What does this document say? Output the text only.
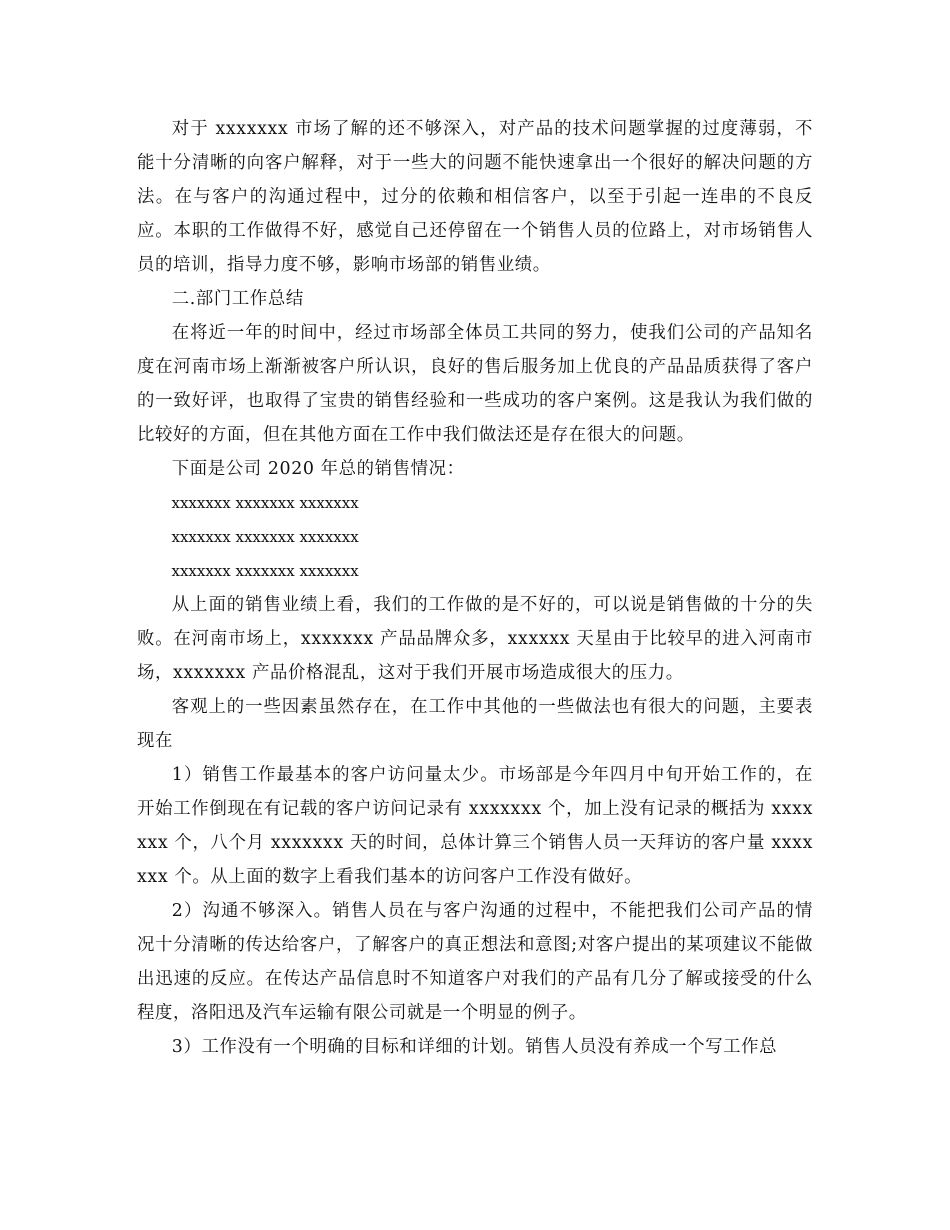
对于 xxxxxxx 市场了解的还不够深入，对产品的技术问题掌握的过度薄弱，不能十分清晰的向客户解释，对于一些大的问题不能快速拿出一个很好的解决问题的方法。在与客户的沟通过程中，过分的依赖和相信客户，以至于引起一连串的不良反应。本职的工作做得不好，感觉自己还停留在一个销售人员的位路上，对市场销售人员的培训，指导力度不够，影响市场部的销售业绩。

二.部门工作总结

在将近一年的时间中，经过市场部全体员工共同的努力，使我们公司的产品知名度在河南市场上渐渐被客户所认识，良好的售后服务加上优良的产品品质获得了客户的一致好评，也取得了宝贵的销售经验和一些成功的客户案例。这是我认为我们做的比较好的方面，但在其他方面在工作中我们做法还是存在很大的问题。

下面是公司 2020 年总的销售情况：

xxxxxxx xxxxxxx xxxxxxx

xxxxxxx xxxxxxx xxxxxxx

xxxxxxx xxxxxxx xxxxxxx

从上面的销售业绩上看，我们的工作做的是不好的，可以说是销售做的十分的失败。在河南市场上，xxxxxxx 产品品牌众多，xxxxxx 天星由于比较早的进入河南市场，xxxxxxx 产品价格混乱，这对于我们开展市场造成很大的压力。

客观上的一些因素虽然存在，在工作中其他的一些做法也有很大的问题，主要表现在

1）销售工作最基本的客户访问量太少。市场部是今年四月中旬开始工作的，在开始工作倒现在有记载的客户访问记录有 xxxxxxx 个，加上没有记录的概括为 xxxxxxx 个，八个月 xxxxxxx 天的时间，总体计算三个销售人员一天拜访的客户量 xxxxxxx 个。从上面的数字上看我们基本的访问客户工作没有做好。

2）沟通不够深入。销售人员在与客户沟通的过程中，不能把我们公司产品的情况十分清晰的传达给客户，了解客户的真正想法和意图;对客户提出的某项建议不能做出迅速的反应。在传达产品信息时不知道客户对我们的产品有几分了解或接受的什么程度，洛阳迅及汽车运输有限公司就是一个明显的例子。

3）工作没有一个明确的目标和详细的计划。销售人员没有养成一个写工作总
